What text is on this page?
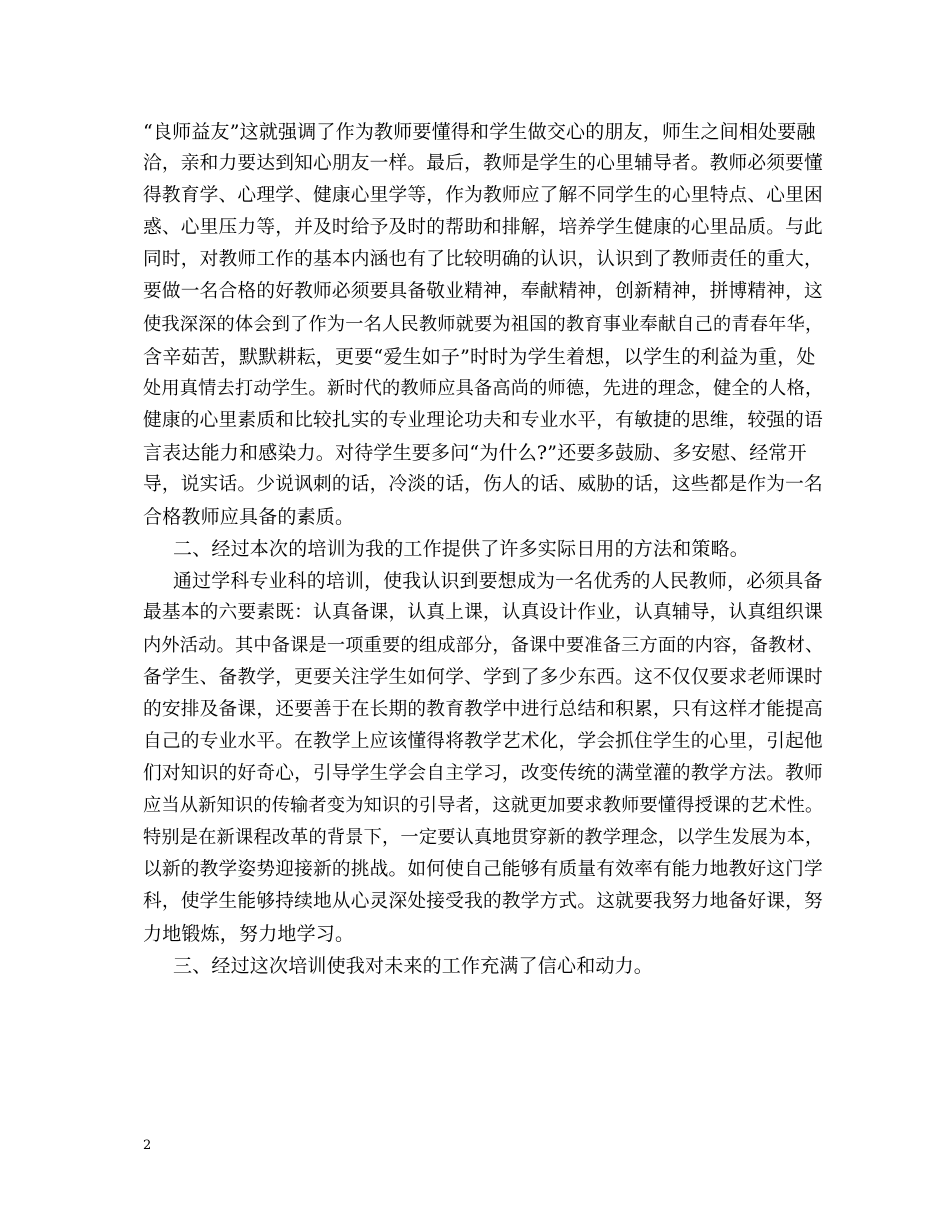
“良师益友”这就强调了作为教师要懂得和学生做交心的朋友，师生之间相处要融
洽，亲和力要达到知心朋友一样。最后，教师是学生的心里辅导者。教师必须要懂
得教育学、心理学、健康心里学等，作为教师应了解不同学生的心里特点、心里困
惑、心里压力等，并及时给予及时的帮助和排解，培养学生健康的心里品质。与此
同时，对教师工作的基本内涵也有了比较明确的认识，认识到了教师责任的重大，
要做一名合格的好教师必须要具备敬业精神，奉献精神，创新精神，拼博精神，这
使我深深的体会到了作为一名人民教师就要为祖国的教育事业奉献自己的青春年华，
含辛茹苦，默默耕耘，更要“爱生如子”时时为学生着想，以学生的利益为重，处
处用真情去打动学生。新时代的教师应具备高尚的师德，先进的理念，健全的人格，
健康的心里素质和比较扎实的专业理论功夫和专业水平，有敏捷的思维，较强的语
言表达能力和感染力。对待学生要多问“为什么?”还要多鼓励、多安慰、经常开
导，说实话。少说讽刺的话，冷淡的话，伤人的话、威胁的话，这些都是作为一名
合格教师应具备的素质。
二、经过本次的培训为我的工作提供了许多实际日用的方法和策略。
通过学科专业科的培训，使我认识到要想成为一名优秀的人民教师，必须具备
最基本的六要素既：认真备课，认真上课，认真设计作业，认真辅导，认真组织课
内外活动。其中备课是一项重要的组成部分，备课中要准备三方面的内容，备教材、
备学生、备教学，更要关注学生如何学、学到了多少东西。这不仅仅要求老师课时
的安排及备课，还要善于在长期的教育教学中进行总结和积累，只有这样才能提高
自己的专业水平。在教学上应该懂得将教学艺术化，学会抓住学生的心里，引起他
们对知识的好奇心，引导学生学会自主学习，改变传统的满堂灌的教学方法。教师
应当从新知识的传输者变为知识的引导者，这就更加要求教师要懂得授课的艺术性。
特别是在新课程改革的背景下，一定要认真地贯穿新的教学理念，以学生发展为本，
以新的教学姿势迎接新的挑战。如何使自己能够有质量有效率有能力地教好这门学
科，使学生能够持续地从心灵深处接受我的教学方式。这就要我努力地备好课，努
力地锻炼，努力地学习。
三、经过这次培训使我对未来的工作充满了信心和动力。
2
